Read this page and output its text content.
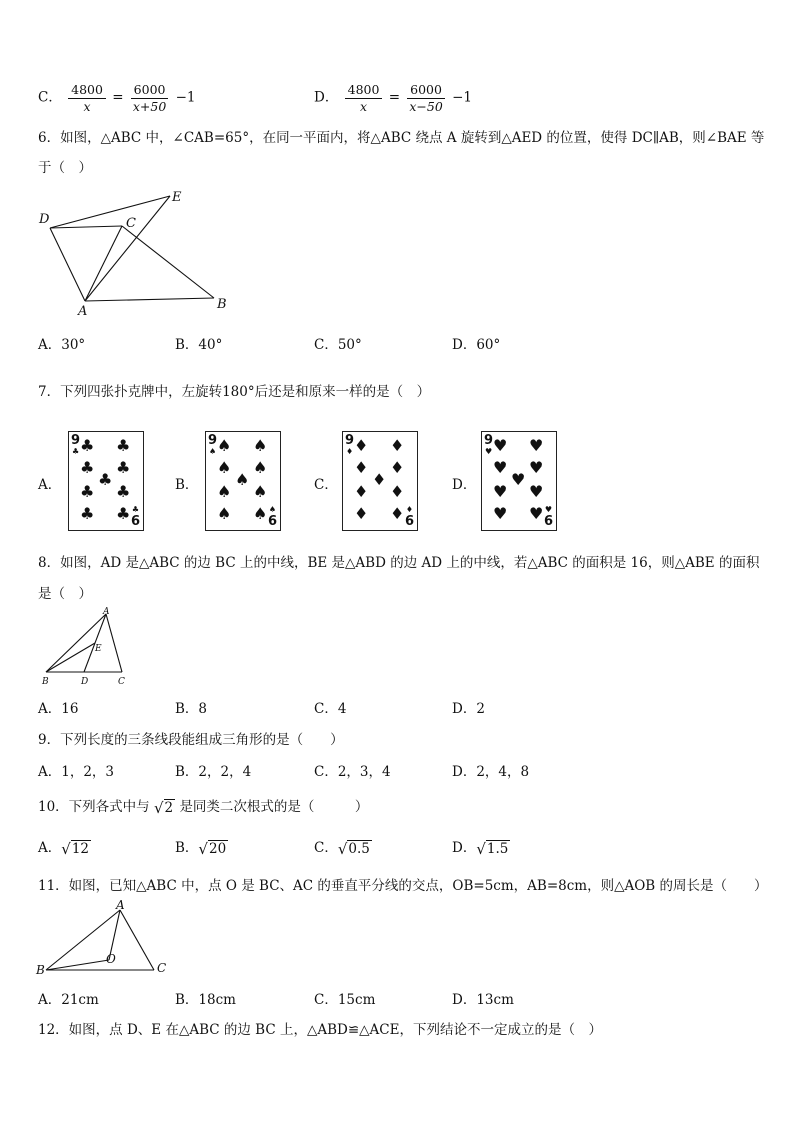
C． $\frac{4800}{x} = \frac{6000}{x+50} -1$	D． $\frac{4800}{x} = \frac{6000}{x-50} -1$
6．如图，△ABC 中，∠CAB=65°，在同一平面内，将△ABC 绕点 A 旋转到△AED 的位置，使得 DC∥AB，则∠BAE 等
于（　）
D	C
E
A	B
A．30°	B．40°	C．50°	D．60°
7．下列四张扑克牌中，左旋转180°后还是和原来一样的是（　）
A．	B．	C．	D．
9
♣
6
♣
♣ ♣
♣ ♣
♣
♣ ♣
♣ ♣
9
♠
6
♠
♠ ♠
♠ ♠
♠
♠ ♠
♠ ♠
9
♦
6
♦
♦ ♦
♦ ♦
♦
♦ ♦
♦ ♦
9
♥
6
♥
♥ ♥
♥ ♥
♥
♥ ♥
♥ ♥
8．如图，AD 是△ABC 的边 BC 上的中线，BE 是△ABD 的边 AD 上的中线，若△ABC 的面积是 16，则△ABE 的面积
是（　）
A
E
B	D	C
A．16	B．8	C．4	D．2
9．下列长度的三条线段能组成三角形的是（　　）
A．1，2，3	B．2，2，4	C．2，3，4	D．2，4，8
10．下列各式中与 √ 2 是同类二次根式的是（　　　）
A． √ 12	B． √ 20	C． √ 0.5	D． √ 1.5
11．如图，已知△ABC 中，点 O 是 BC、AC 的垂直平分线的交点，OB=5cm，AB=8cm，则△AOB 的周长是（　　）
A
O
B	C
A．21cm	B．18cm	C．15cm	D．13cm
12．如图，点 D、E 在△ABC 的边 BC 上，△ABD≌△ACE，下列结论不一定成立的是（　）
